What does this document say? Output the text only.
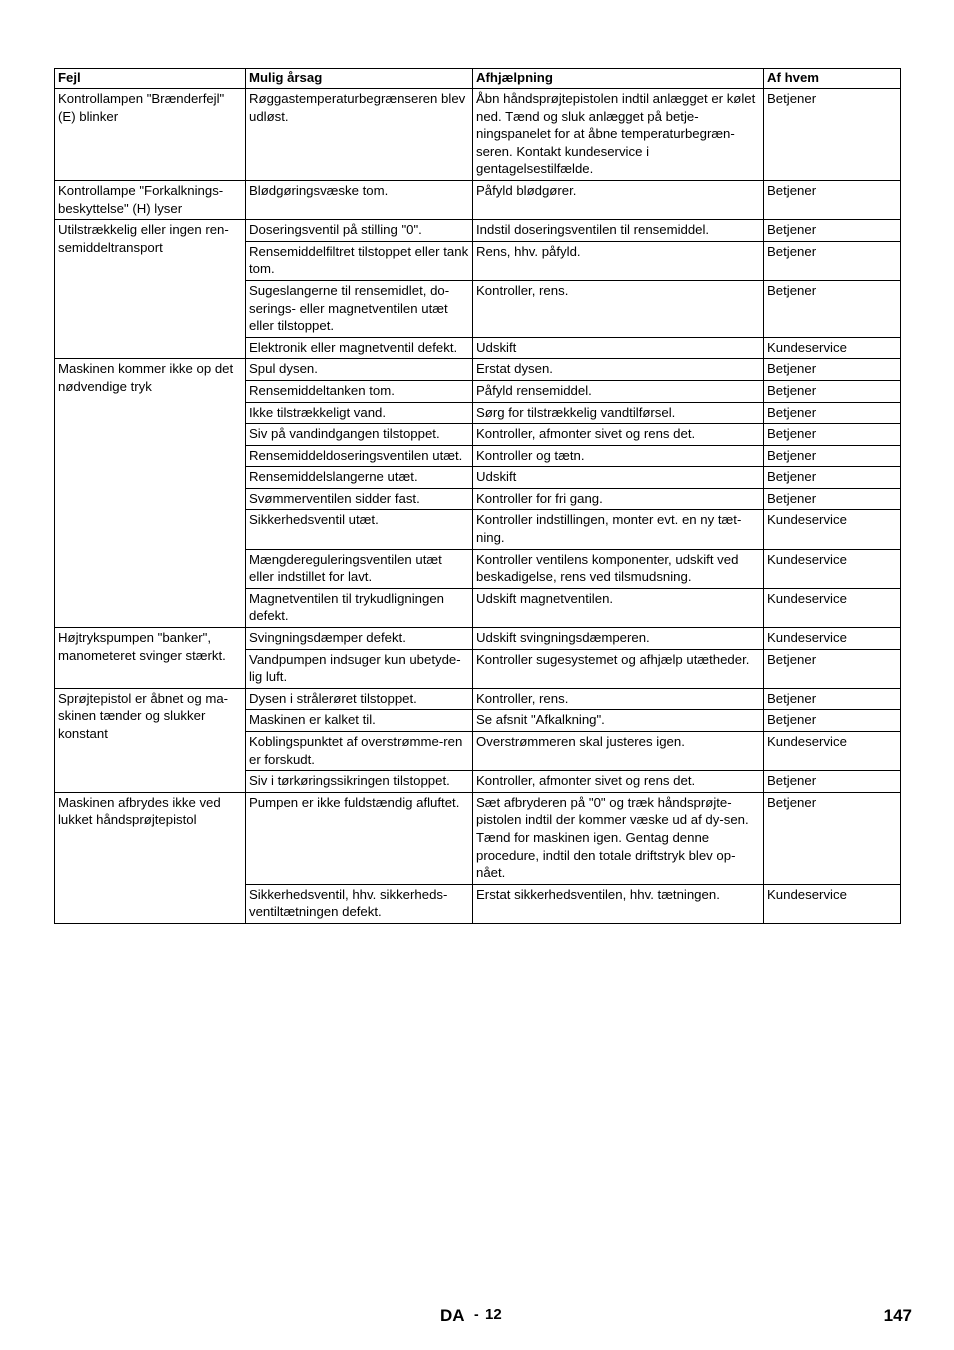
Fejl	Mulig årsag	Afhjælpning	Af hvem
Kontrollampen "Brænderfejl" (E) blinker	Røggastemperaturbegrænseren blev udløst.	Åbn håndsprøjtepistolen indtil anlægget er kølet ned. Tænd og sluk anlægget på betje-ningspanelet for at åbne temperaturbegræn-seren. Kontakt kundeservice i gentagelsestilfælde.	Betjener
Kontrollampe "Forkalknings-beskyttelse" (H) lyser	Blødgøringsvæske tom.	Påfyld blødgører.	Betjener
Utilstrækkelig eller ingen ren-semiddeltransport	Doseringsventil på stilling "0".	Indstil doseringsventilen til rensemiddel.	Betjener
	Rensemiddelfiltret tilstoppet eller tank tom.	Rens, hhv. påfyld.	Betjener
	Sugeslangerne til rensemidlet, do-serings- eller magnetventilen utæt eller tilstoppet.	Kontroller, rens.	Betjener
	Elektronik eller magnetventil defekt.	Udskift	Kundeservice
Maskinen kommer ikke op det nødvendige tryk	Spul dysen.	Erstat dysen.	Betjener
	Rensemiddeltanken tom.	Påfyld rensemiddel.	Betjener
	Ikke tilstrækkeligt vand.	Sørg for tilstrækkelig vandtilførsel.	Betjener
	Siv på vandindgangen tilstoppet.	Kontroller, afmonter sivet og rens det.	Betjener
	Rensemiddeldoseringsventilen utæt.	Kontroller og tætn.	Betjener
	Rensemiddelslangerne utæt.	Udskift	Betjener
	Svømmerventilen sidder fast.	Kontroller for fri gang.	Betjener
	Sikkerhedsventil utæt.	Kontroller indstillingen, monter evt. en ny tæt-ning.	Kundeservice
	Mængdereguleringsventilen utæt eller indstillet for lavt.	Kontroller ventilens komponenter, udskift ved beskadigelse, rens ved tilsmudsning.	Kundeservice
	Magnetventilen til trykudligningen defekt.	Udskift magnetventilen.	Kundeservice
Højtrykspumpen "banker", manometeret svinger stærkt.	Svingningsdæmper defekt.	Udskift svingningsdæmperen.	Kundeservice
	Vandpumpen indsuger kun ubetyde-lig luft.	Kontroller sugesystemet og afhjælp utætheder.	Betjener
Sprøjtepistol er åbnet og ma-skinen tænder og slukker konstant	Dysen i strålerøret tilstoppet.	Kontroller, rens.	Betjener
	Maskinen er kalket til.	Se afsnit "Afkalkning".	Betjener
	Koblingspunktet af overstrømme-ren er forskudt.	Overstrømmeren skal justeres igen.	Kundeservice
	Siv i tørkøringssikringen tilstoppet.	Kontroller, afmonter sivet og rens det.	Betjener
Maskinen afbrydes ikke ved lukket håndsprøjtepistol	Pumpen er ikke fuldstændig afluftet.	Sæt afbryderen på "0" og træk håndsprøjte-pistolen indtil der kommer væske ud af dy-sen. Tænd for maskinen igen. Gentag denne procedure, indtil den totale driftstryk blev op-nået.	Betjener
	Sikkerhedsventil, hhv. sikkerheds-ventiltætningen defekt.	Erstat sikkerhedsventilen, hhv. tætningen.	Kundeservice
DA - 12	147
